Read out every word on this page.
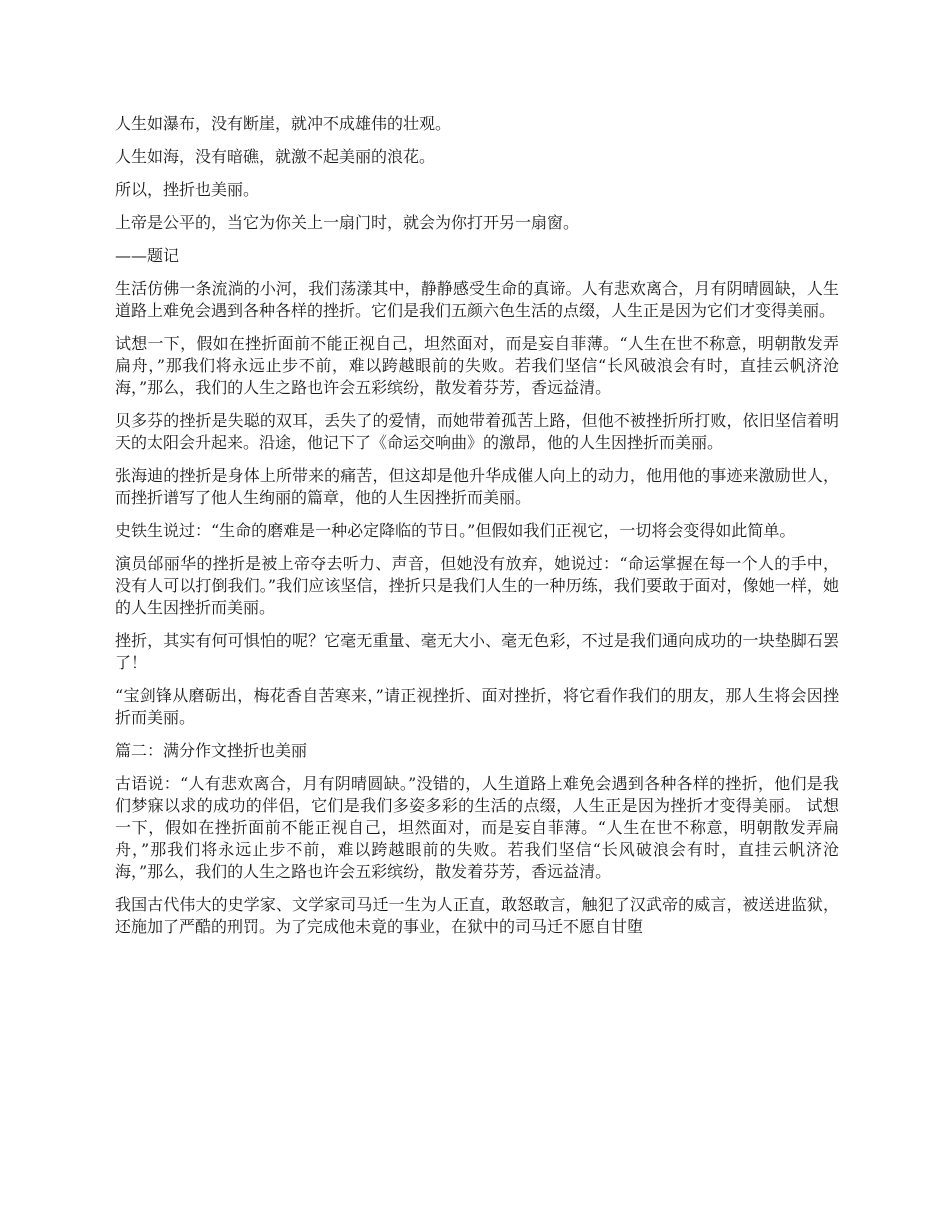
人生如瀑布，没有断崖，就冲不成雄伟的壮观。

人生如海，没有暗礁，就激不起美丽的浪花。

所以，挫折也美丽。

上帝是公平的，当它为你关上一扇门时，就会为你打开另一扇窗。

——题记

生活仿佛一条流淌的小河，我们荡漾其中，静静感受生命的真谛。人有悲欢离合，月有阴晴圆缺，人生道路上难免会遇到各种各样的挫折。它们是我们五颜六色生活的点缀，人生正是因为它们才变得美丽。

试想一下，假如在挫折面前不能正视自己，坦然面对，而是妄自菲薄。“人生在世不称意，明朝散发弄扁舟，”那我们将永远止步不前，难以跨越眼前的失败。若我们坚信“长风破浪会有时，直挂云帆济沧海，”那么，我们的人生之路也许会五彩缤纷，散发着芬芳，香远益清。

贝多芬的挫折是失聪的双耳，丢失了的爱情，而她带着孤苦上路，但他不被挫折所打败，依旧坚信着明天的太阳会升起来。沿途，他记下了《命运交响曲》的激昂，他的人生因挫折而美丽。

张海迪的挫折是身体上所带来的痛苦，但这却是他升华成催人向上的动力，他用他的事迹来激励世人，而挫折谱写了他人生绚丽的篇章，他的人生因挫折而美丽。

史铁生说过：“生命的磨难是一种必定降临的节日。”但假如我们正视它，一切将会变得如此简单。

演员邰丽华的挫折是被上帝夺去听力、声音，但她没有放弃，她说过：“命运掌握在每一个人的手中，没有人可以打倒我们。”我们应该坚信，挫折只是我们人生的一种历练，我们要敢于面对，像她一样，她的人生因挫折而美丽。

挫折，其实有何可惧怕的呢？它毫无重量、毫无大小、毫无色彩，不过是我们通向成功的一块垫脚石罢了！

“宝剑锋从磨砺出，梅花香自苦寒来，”请正视挫折、面对挫折，将它看作我们的朋友，那人生将会因挫折而美丽。

篇二：满分作文挫折也美丽

古语说：“人有悲欢离合，月有阴晴圆缺。”没错的，人生道路上难免会遇到各种各样的挫折，他们是我们梦寐以求的成功的伴侣，它们是我们多姿多彩的生活的点缀，人生正是因为挫折才变得美丽。 试想一下，假如在挫折面前不能正视自己，坦然面对，而是妄自菲薄。“人生在世不称意，明朝散发弄扁舟，”那我们将永远止步不前，难以跨越眼前的失败。若我们坚信“长风破浪会有时，直挂云帆济沧海，”那么，我们的人生之路也许会五彩缤纷，散发着芬芳，香远益清。

我国古代伟大的史学家、文学家司马迁一生为人正直，敢怒敢言，触犯了汉武帝的威言，被送进监狱，还施加了严酷的刑罚。为了完成他未竟的事业，在狱中的司马迁不愿自甘堕
